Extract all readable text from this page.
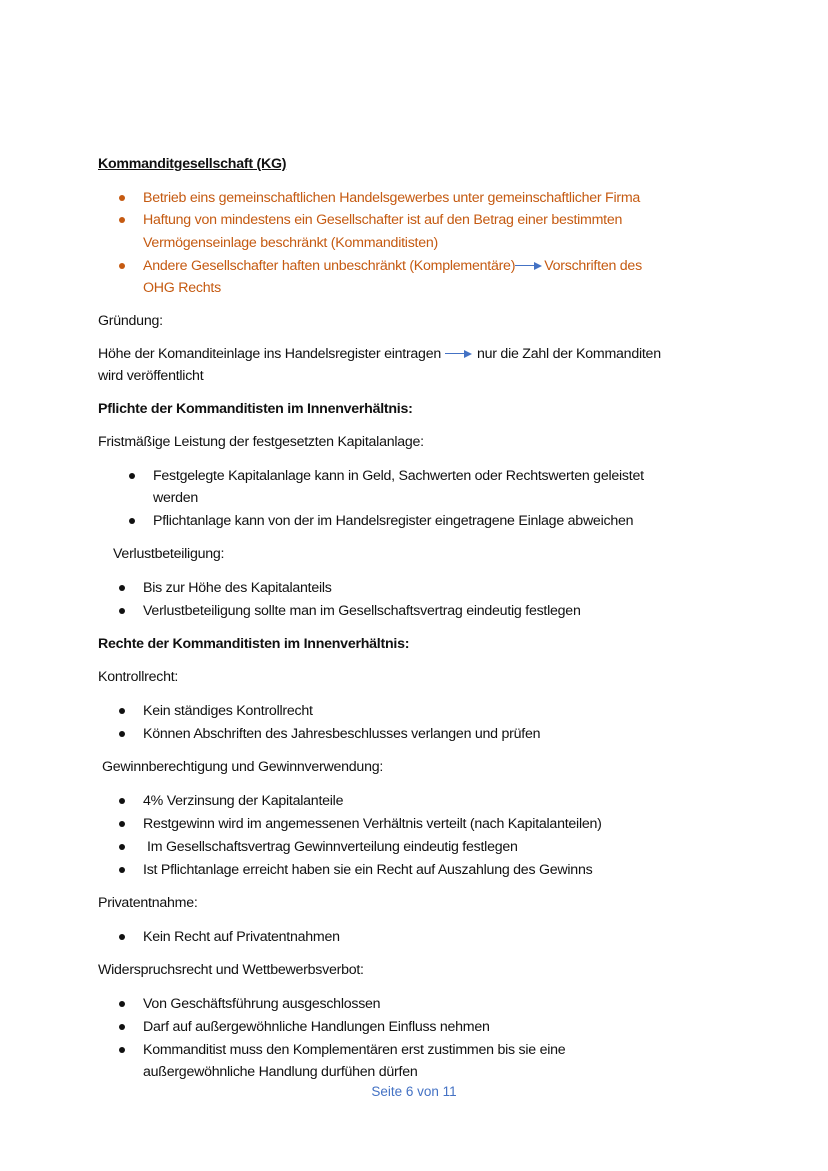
Kommanditgesellschaft (KG)
Betrieb eins gemeinschaftlichen Handelsgewerbes unter gemeinschaftlicher Firma
Haftung von mindestens ein Gesellschafter ist auf den Betrag einer bestimmten
Vermögenseinlage beschränkt (Kommanditisten)
Andere Gesellschafter haften unbeschränkt (Komplementäre) Vorschriften des
OHG Rechts
Gründung:
Höhe der Komanditeinlage ins Handelsregister eintragen	nur die Zahl der Kommanditen
wird veröffentlicht
Pflichte der Kommanditisten im Innenverhältnis:
Fristmäßige Leistung der festgesetzten Kapitalanlage:
Festgelegte Kapitalanlage kann in Geld, Sachwerten oder Rechtswerten geleistet
werden
Pflichtanlage kann von der im Handelsregister eingetragene Einlage abweichen
Verlustbeteiligung:
Bis zur Höhe des Kapitalanteils
Verlustbeteiligung sollte man im Gesellschaftsvertrag eindeutig festlegen
Rechte der Kommanditisten im Innenverhältnis:
Kontrollrecht:
Kein ständiges Kontrollrecht
Können Abschriften des Jahresbeschlusses verlangen und prüfen
Gewinnberechtigung und Gewinnverwendung:
4% Verzinsung der Kapitalanteile
Restgewinn wird im angemessenen Verhältnis verteilt (nach Kapitalanteilen)
Im Gesellschaftsvertrag Gewinnverteilung eindeutig festlegen
Ist Pflichtanlage erreicht haben sie ein Recht auf Auszahlung des Gewinns
Privatentnahme:
Kein Recht auf Privatentnahmen
Widerspruchsrecht und Wettbewerbsverbot:
Von Geschäftsführung ausgeschlossen
Darf auf außergewöhnliche Handlungen Einfluss nehmen
Kommanditist muss den Komplementären erst zustimmen bis sie eine
außergewöhnliche Handlung durfühen dürfen
Seite 6 von 11
